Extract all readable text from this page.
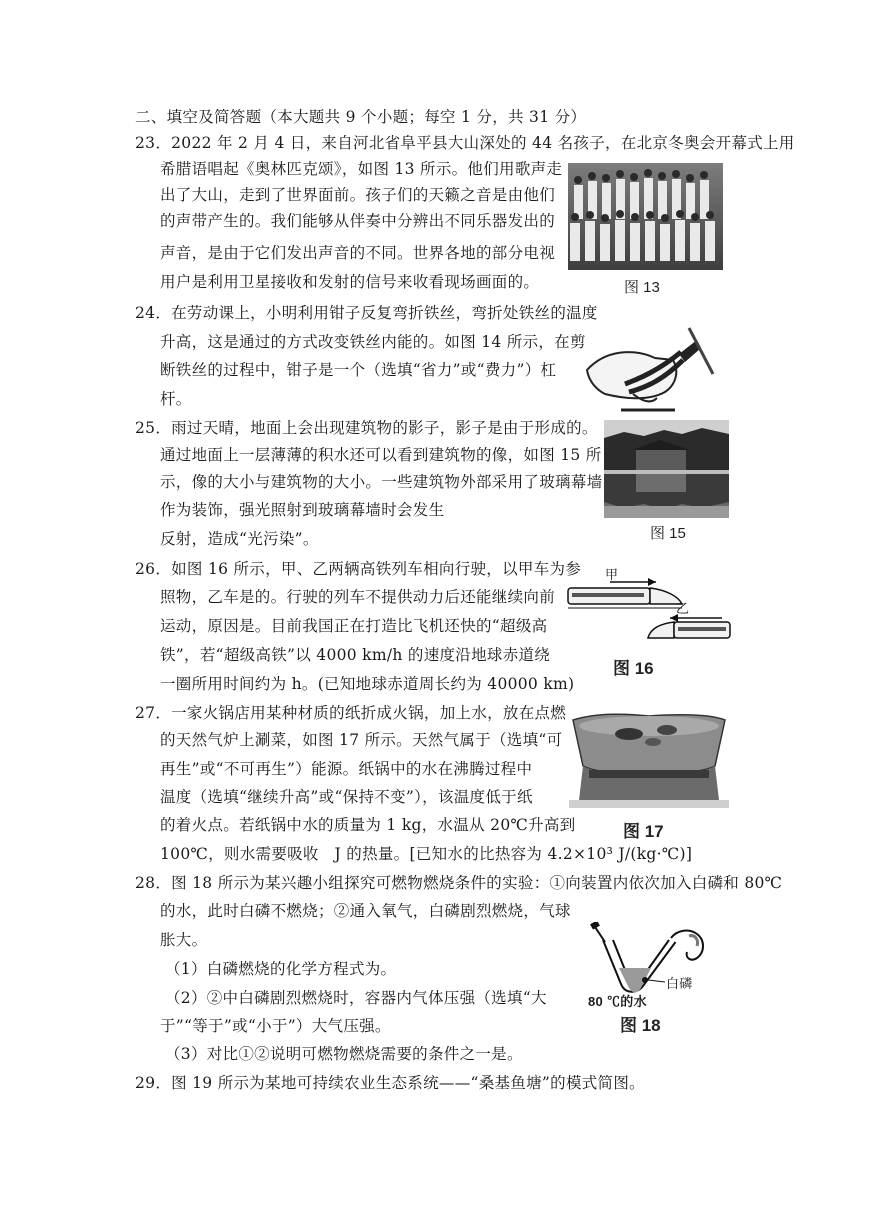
二、填空及简答题（本大题共 9 个小题；每空 1 分，共 31 分）
23．2022 年 2 月 4 日，来自河北省阜平县大山深处的 44 名孩子，在北京冬奥会开幕式上用
希腊语唱起《奥林匹克颂》，如图 13 所示。他们用歌声走
出了大山，走到了世界面前。孩子们的天籁之音是由他们
的声带产生的。我们能够从伴奏中分辨出不同乐器发出的
声音，是由于它们发出声音的不同。世界各地的部分电视
用户是利用卫星接收和发射的信号来收看现场画面的。	图 13
24．在劳动课上，小明利用钳子反复弯折铁丝，弯折处铁丝的温度
升高，这是通过的方式改变铁丝内能的。如图 14 所示，在剪
断铁丝的过程中，钳子是一个（选填“省力”或“费力”）杠
杆。
25．雨过天晴，地面上会出现建筑物的影子，影子是由于形成的。
通过地面上一层薄薄的积水还可以看到建筑物的像，如图 15 所
示，像的大小与建筑物的大小。一些建筑物外部采用了玻璃幕墙
作为装饰，强光照射到玻璃幕墙时会发生
反射，造成“光污染”。	图 15
26．如图 16 所示，甲、乙两辆高铁列车相向行驶，以甲车为参
照物，乙车是的。行驶的列车不提供动力后还能继续向前
运动，原因是。目前我国正在打造比飞机还快的“超级高
铁”，若“超级高铁”以 4000 km/h 的速度沿地球赤道绕
一圈所用时间约为 h。(已知地球赤道周长约为 40000 km)
甲
乙
图 16
27．一家火锅店用某种材质的纸折成火锅，加上水，放在点燃
的天然气炉上涮菜，如图 17 所示。天然气属于（选填“可
再生”或“不可再生”）能源。纸锅中的水在沸腾过程中
温度（选填“继续升高”或“保持不变”），该温度低于纸
的着火点。若纸锅中水的质量为 1 kg，水温从 20℃升高到
100℃，则水需要吸收　J 的热量。[已知水的比热容为 4.2×10³ J/(kg·℃)]
图 17
28．图 18 所示为某兴趣小组探究可燃物燃烧条件的实验：①向装置内依次加入白磷和 80℃
的水，此时白磷不燃烧；②通入氧气，白磷剧烈燃烧，气球
胀大。
（1）白磷燃烧的化学方程式为。
（2）②中白磷剧烈燃烧时，容器内气体压强（选填“大
于”“等于”或“小于”）大气压强。
（3）对比①②说明可燃物燃烧需要的条件之一是。
白磷
80 ℃的水
图 18
29．图 19 所示为某地可持续农业生态系统——“桑基鱼塘”的模式简图。
